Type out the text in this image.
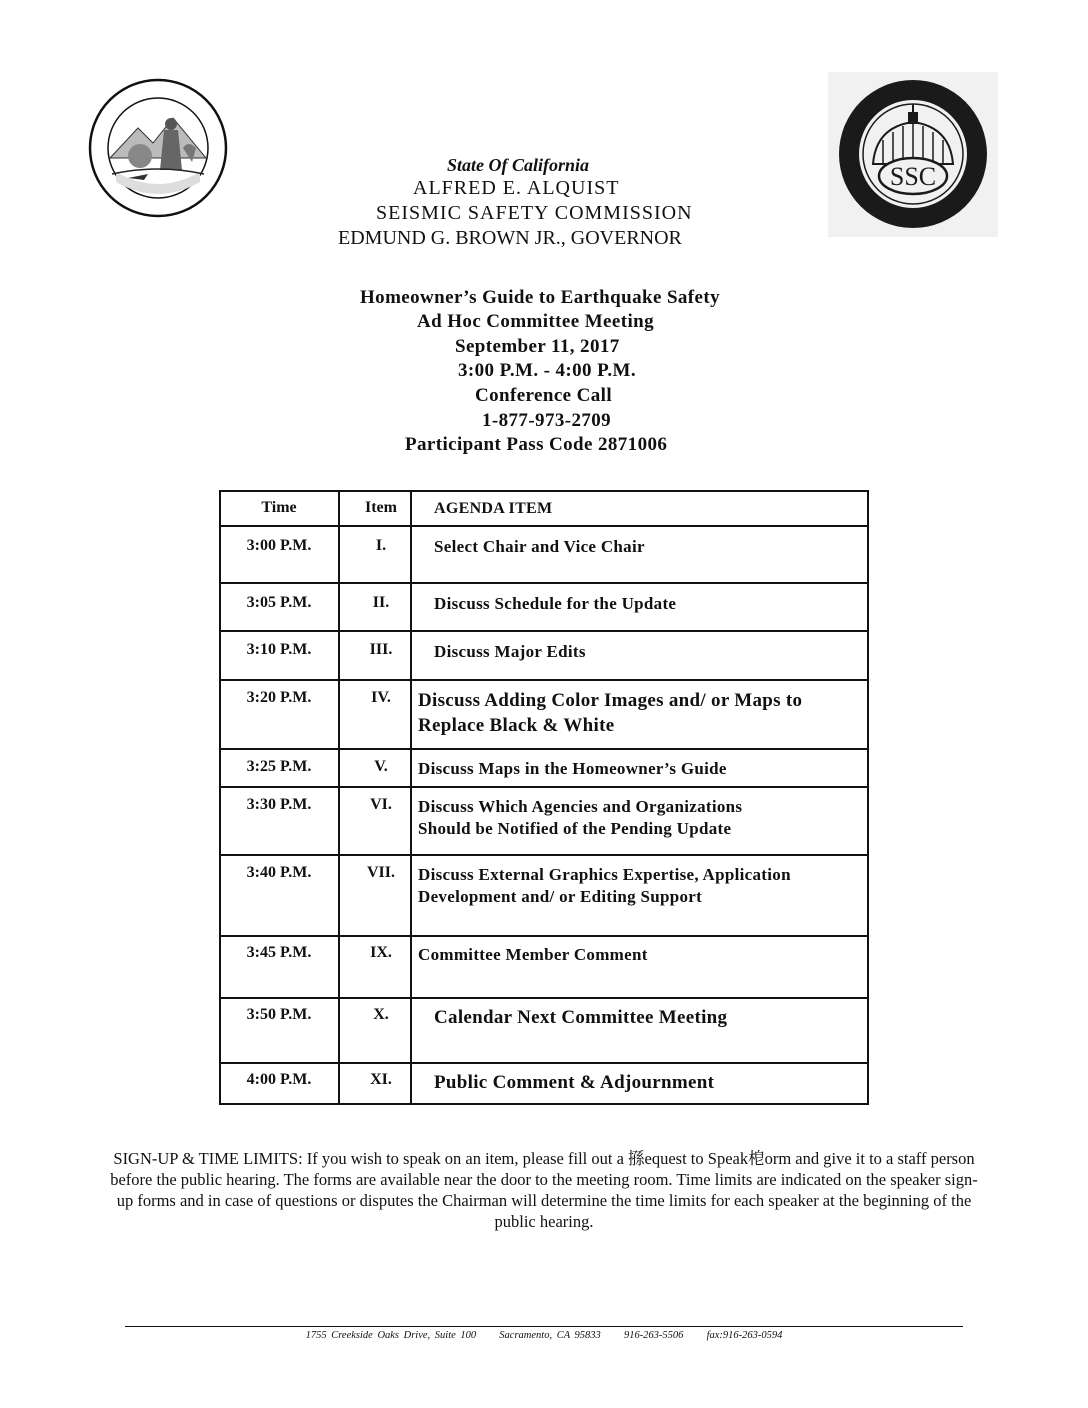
SSC
State Of California
ALFRED E. ALQUIST
SEISMIC SAFETY COMMISSION
EDMUND G. BROWN JR., GOVERNOR
Homeowner’s Guide to Earthquake Safety
Ad Hoc Committee Meeting
September 11, 2017
3:00 P.M. - 4:00 P.M.
Conference Call
1-877-973-2709
Participant Pass Code 2871006
Time	Item	AGENDA ITEM
3:00 P.M.	I.	Select Chair and Vice Chair
3:05 P.M.	II.	Discuss Schedule for the Update
3:10 P.M.	III.	Discuss Major Edits
3:20 P.M.	IV.	Discuss Adding Color Images and/ or Maps to
Replace Black & White
3:25 P.M.	V.	Discuss Maps in the Homeowner’s Guide
3:30 P.M.	VI.	Discuss Which Agencies and Organizations
Should be Notified of the Pending Update
3:40 P.M.	VII.	Discuss External Graphics Expertise, Application
Development and/ or Editing Support
3:45 P.M.	IX.	Committee Member Comment
3:50 P.M.	X.	Calendar Next Committee Meeting
4:00 P.M.	XI.	Public Comment & Adjournment
SIGN-UP & TIME LIMITS: If you wish to speak on an item, please fill out a 搎equest to Speak梎orm and give it to a staff person before the public hearing. The forms are available near the door to the meeting room. Time limits are indicated on the speaker sign-up forms and in case of questions or disputes the Chairman will determine the time limits for each speaker at the beginning of the public hearing.
1755 Creekside Oaks Drive, Suite 100 Sacramento, CA 95833 916-263-5506 fax:916-263-0594
